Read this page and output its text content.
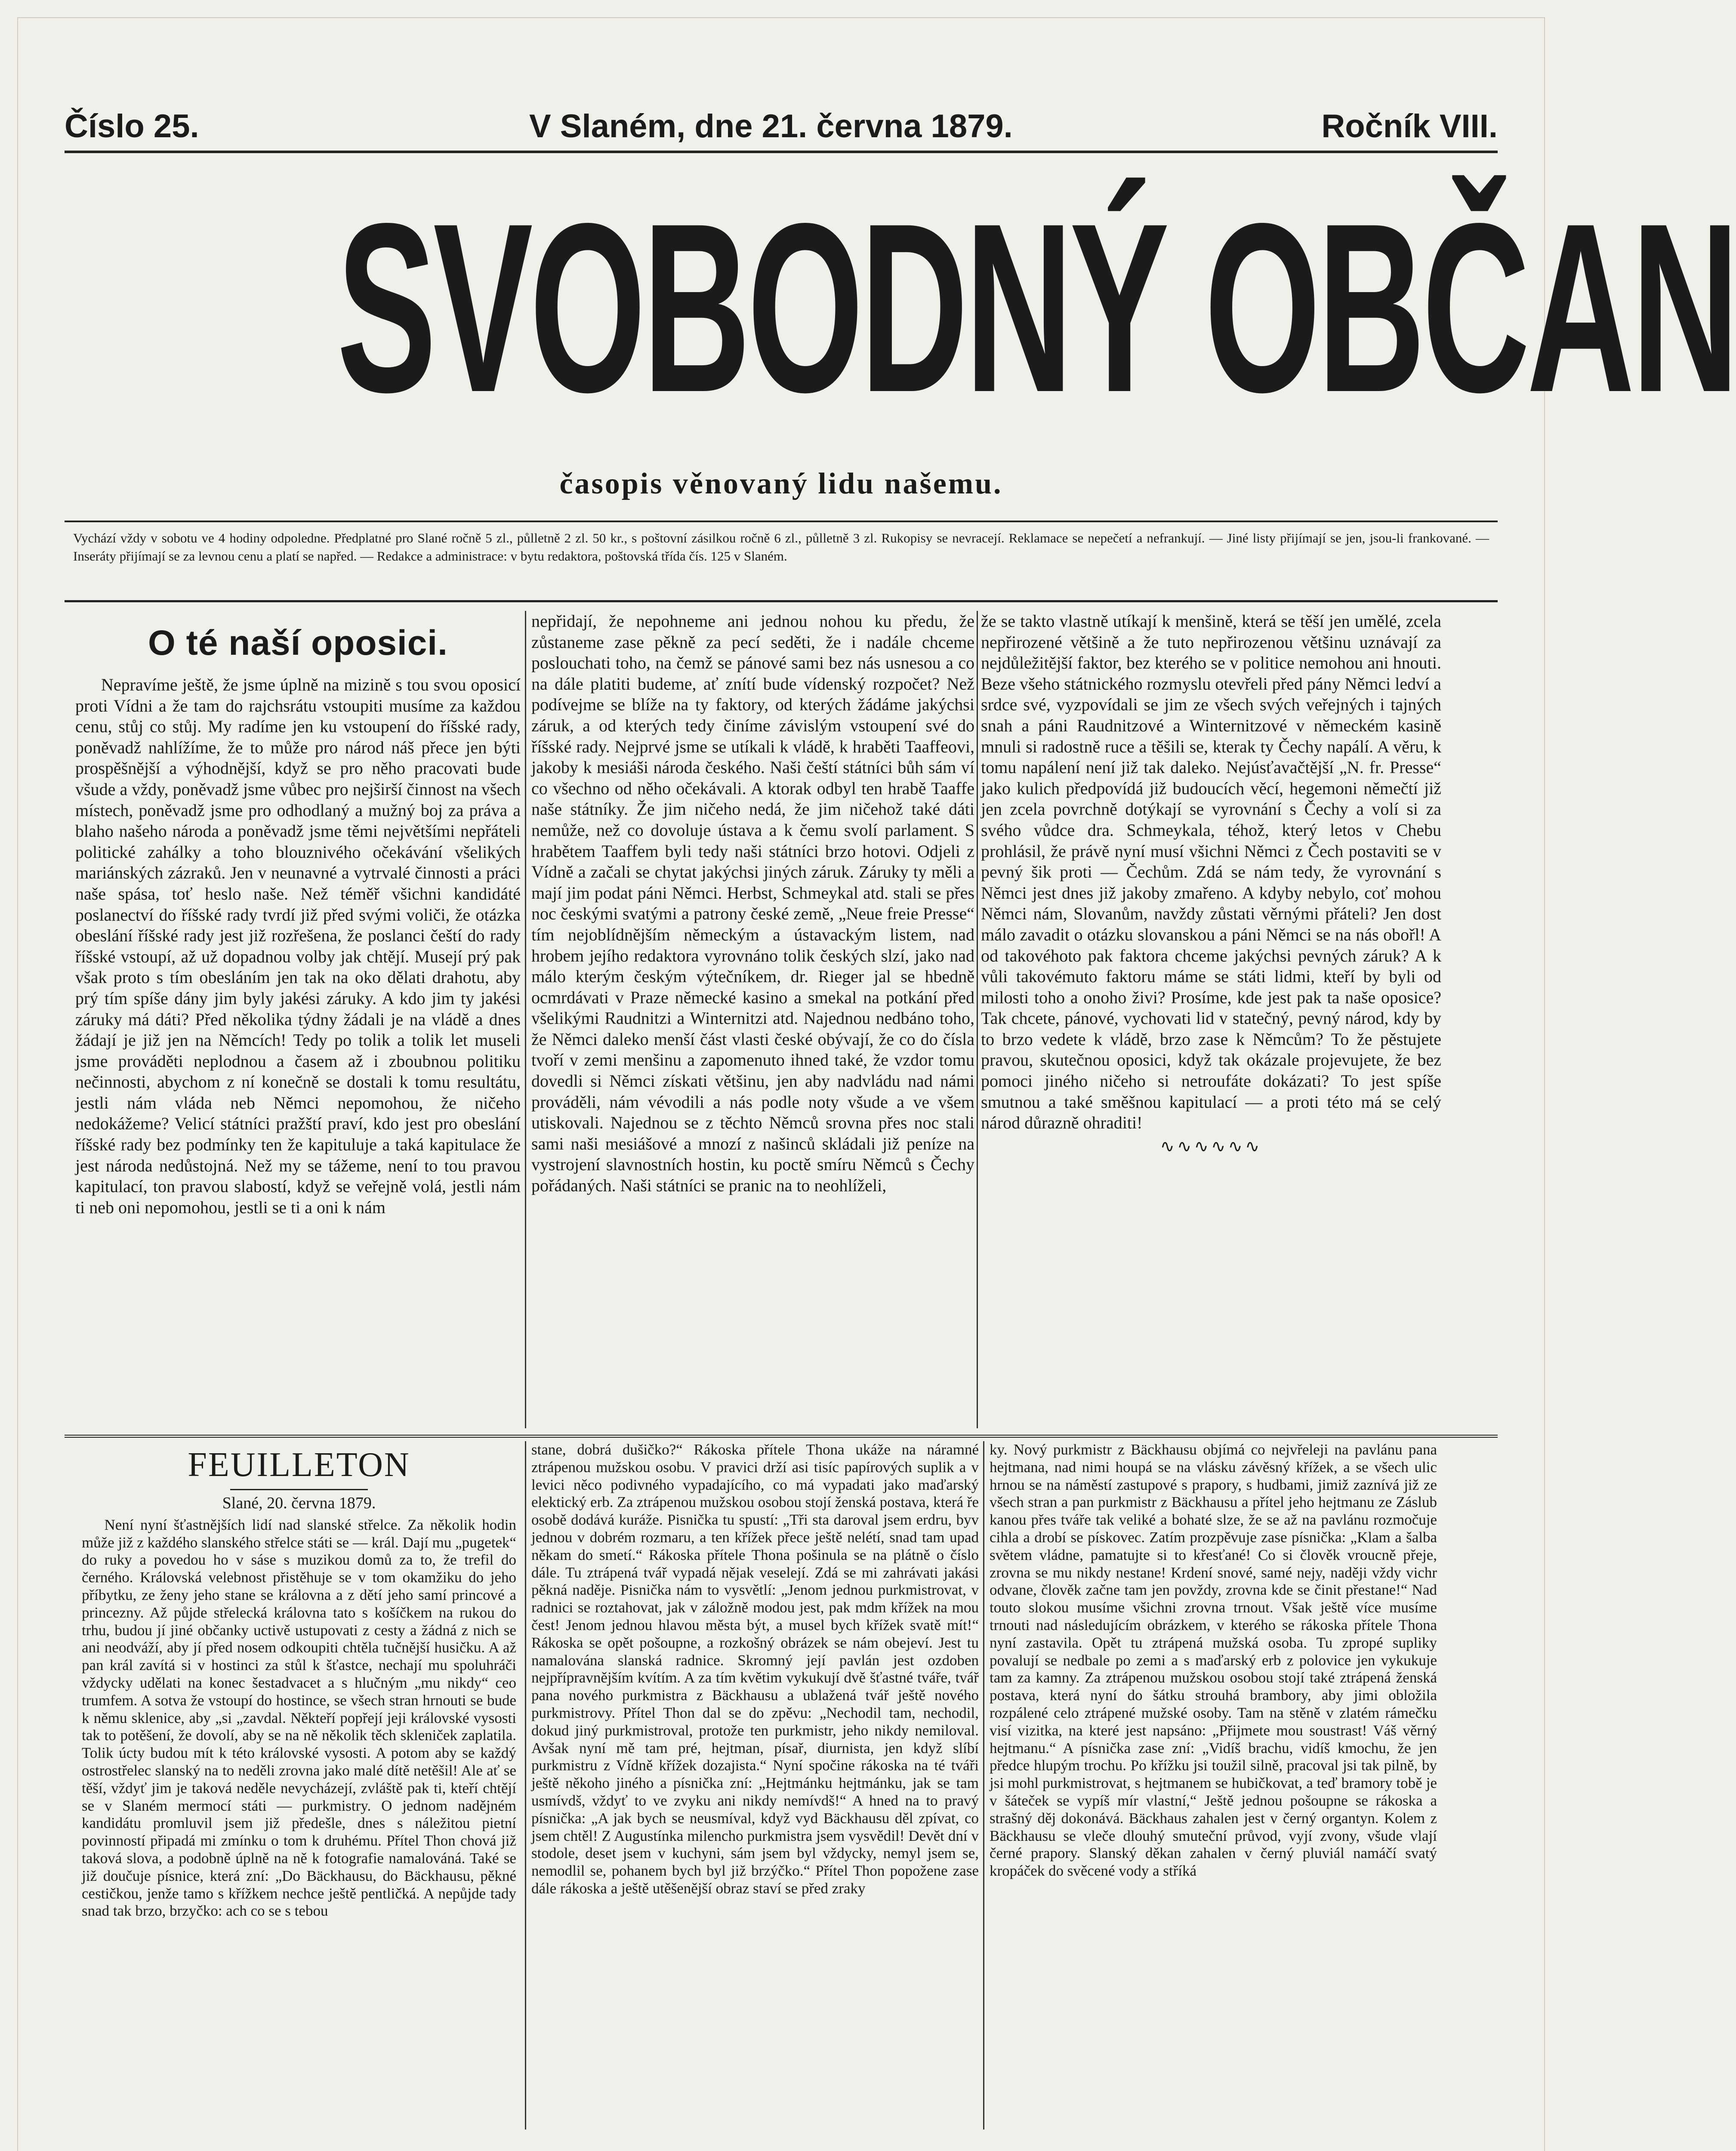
Číslo 25.	V Slaném, dne 21. června 1879.	Ročník VIII.
SVOBODNÝ OBČAN
časopis věnovaný lidu našemu.
Vychází vždy v sobotu ve 4 hodiny odpoledne. Předplatné pro Slané ročně 5 zl., půlletně 2 zl. 50 kr., s poštovní zásilkou ročně 6 zl., půlletně 3 zl. Rukopisy se nevracejí. Reklamace se nepečetí a nefrankují. — Jiné listy přijímají se jen, jsou-li frankované. — Inseráty přijímají se za levnou cenu a platí se napřed. — Redakce a administrace: v bytu redaktora, poštovská třída čís. 125 v Slaném.
O té naší oposici.

Nepravíme ještě, že jsme úplně na mizině s tou svou oposicí proti Vídni a že tam do rajchsrátu vstoupiti musíme za každou cenu, stůj co stůj. My radíme jen ku vstoupení do říšské rady, poněvadž nahlížíme, že to může pro národ náš přece jen býti prospěšnější a výhodnější, když se pro něho pracovati bude všude a vždy, poněvadž jsme vůbec pro nejširší činnost na všech místech, poněvadž jsme pro odhodlaný a mužný boj za práva a blaho našeho národa a poněvadž jsme těmi největšími nepřáteli politické zahálky a toho blouznivého očekávání všelikých mariánských zázraků. Jen v neunavné a vytrvalé činnosti a práci naše spása, toť heslo naše. Než téměř všichni kandidáté poslanectví do říšské rady tvrdí již před svými voliči, že otázka obeslání říšské rady jest již rozřešena, že poslanci čeští do rady říšské vstoupí, až už dopadnou volby jak chtějí. Musejí prý pak však proto s tím obesláním jen tak na oko dělati drahotu, aby prý tím spíše dány jim byly jakési záruky. A kdo jim ty jakési záruky má dáti? Před několika týdny žádali je na vládě a dnes žádají je již jen na Němcích! Tedy po tolik a tolik let museli jsme prováděti neplodnou a časem až i zboubnou politiku nečinnosti, abychom z ní konečně se dostali k tomu resultátu, jestli nám vláda neb Němci nepomohou, že ničeho nedokážeme? Velicí státníci pražští praví, kdo jest pro obeslání říšské rady bez podmínky ten že kapituluje a taká kapitulace že jest národa nedůstojná. Než my se tážeme, není to tou pravou kapitulací, ton pravou slabostí, když se veřejně volá, jestli nám ti neb oni nepomohou, jestli se ti a oni k nám

nepřidají, že nepohneme ani jednou nohou ku předu, že zůstaneme zase pěkně za pecí seděti, že i nadále chceme poslouchati toho, na čemž se pánové sami bez nás usnesou a co na dále platiti budeme, ať znítí bude vídenský rozpočet? Než podívejme se blíže na ty faktory, od kterých žádáme jakýchsi záruk, a od kterých tedy činíme závislým vstoupení své do říšské rady. Nejprvé jsme se utíkali k vládě, k hraběti Taaffeovi, jakoby k mesiáši národa českého. Naši čeští státníci bůh sám ví co všechno od něho očekávali. A ktorak odbyl ten hrabě Taaffe naše státníky. Že jim ničeho nedá, že jim ničehož také dáti nemůže, než co dovoluje ústava a k čemu svolí parlament. S hrabětem Taaffem byli tedy naši státníci brzo hotovi. Odjeli z Vídně a začali se chytat jakýchsi jiných záruk. Záruky ty měli a mají jim podat páni Němci. Herbst, Schmeykal atd. stali se přes noc českými svatými a patrony české země, „Neue freie Presse“ tím nejoblídnějším německým a ústavackým listem, nad hrobem jejího redaktora vyrovnáno tolik českých slzí, jako nad málo kterým českým výtečníkem, dr. Rieger jal se hbedně ocmrdávati v Praze německé kasino a smekal na potkání před všelikými Raudnitzi a Winternitzi atd. Najednou nedbáno toho, že Němci daleko menší část vlasti české obývají, že co do čísla tvoří v zemi menšinu a zapomenuto ihned také, že vzdor tomu dovedli si Němci získati většinu, jen aby nadvládu nad námi prováděli, nám vévodili a nás podle noty všude a ve všem utiskovali. Najednou se z těchto Němců srovna přes noc stali sami naši mesiášové a mnozí z našinců skládali již peníze na vystrojení slavnostních hostin, ku poctě smíru Němců s Čechy pořádaných. Naši státníci se pranic na to neohlíželi,

že se takto vlastně utíkají k menšině, která se těší jen umělé, zcela nepřirozené většině a že tuto nepřirozenou většinu uznávají za nejdůležitější faktor, bez kterého se v politice nemohou ani hnouti. Beze všeho státnického rozmyslu otevřeli před pány Němci ledví a srdce své, vyzpovídali se jim ze všech svých veřejných i tajných snah a páni Raudnitzové a Winternitzové v německém kasině mnuli si radostně ruce a těšili se, kterak ty Čechy napálí. A věru, k tomu napálení není již tak daleko. Nejúsťavačtější „N. fr. Presse“ jako kulich předpovídá již budoucích věcí, hegemoni němečtí již jen zcela povrchně dotýkají se vyrovnání s Čechy a volí si za svého vůdce dra. Schmeykala, téhož, který letos v Chebu prohlásil, že právě nyní musí všichni Němci z Čech postaviti se v pevný šik proti — Čechům. Zdá se nám tedy, že vyrovnání s Němci jest dnes již jakoby zmařeno. A kdyby nebylo, coť mohou Němci nám, Slovanům, navždy zůstati věrnými přáteli? Jen dost málo zavadit o otázku slovanskou a páni Němci se na nás obořl! A od takovéhoto pak faktora chceme jakýchsi pevných záruk? A k vůli takovémuto faktoru máme se státi lidmi, kteří by byli od milosti toho a onoho živi? Prosíme, kde jest pak ta naše oposice? Tak chcete, pánové, vychovati lid v statečný, pevný národ, kdy by to brzo vedete k vládě, brzo zase k Němcům? To že pěstujete pravou, skutečnou oposici, když tak okázale projevujete, že bez pomoci jiného ničeho si netroufáte dokázati? To jest spíše smutnou a také směšnou kapitulací — a proti této má se celý národ důrazně ohraditi!

∿∿∿∿∿∿
FEUILLETON
Slané, 20. června 1879.

Není nyní šťastnějších lidí nad slanské střelce. Za několik hodin může již z každého slanského střelce státi se — král. Dají mu „pugetek“ do ruky a povedou ho v sáse s muzikou domů za to, že trefil do černého. Královská velebnost přistěhuje se v tom okamžiku do jeho příbytku, ze ženy jeho stane se královna a z dětí jeho samí princové a princezny. Až půjde střelecká královna tato s košíčkem na rukou do trhu, budou jí jiné občanky uctivě ustupovati z cesty a žádná z nich se ani neodváží, aby jí před nosem odkoupiti chtěla tučnější husičku. A až pan král zavítá si v hostinci za stůl k šťastce, nechají mu spoluhráči vždycky udělati na konec šestadvacet a s hlučným „mu nikdy“ ceo trumfem. A sotva že vstoupí do hostince, se všech stran hrnouti se bude k němu sklenice, aby „si „zavdal. Někteří popřejí jeji královské vysosti tak to potěšení, že dovolí, aby se na ně několik těch skleniček zaplatila. Tolik úcty budou mít k této královské vysosti. A potom aby se každý ostrostřelec slanský na to neděli zrovna jako malé dítě netěšil! Ale ať se těší, vždyť jim je taková neděle nevycházejí, zvláště pak ti, kteří chtějí se v Slaném mermocí státi — purkmistry. O jednom nadějném kandidátu promluvil jsem již předešle, dnes s náležitou pietní povinností připadá mi zmínku o tom k druhému. Přítel Thon chová již taková slova, a podobně úplně na ně k fotografie namalováná. Také se již doučuje písnice, která zní: „Do Bäckhausu, do Bäckhausu, pěkné cestičkou, jenže tamo s křížkem nechce ještě pentličká. A nepůjde tady snad tak brzo, brzyčko: ach co se s tebou

stane, dobrá dušičko?“ Rákoska přítele Thona ukáže na náramné ztrápenou mužskou osobu. V pravici drží asi tisíc papírových suplik a v levici něco podivného vypadajícího, co má vypadati jako maďarský elektický erb. Za ztrápenou mužskou osobou stojí ženská postava, která ře osobě dodává kuráže. Pisnička tu spustí: „Tři sta daroval jsem erdru, byv jednou v dobrém rozmaru, a ten křížek přece ještě nelétí, snad tam upad někam do smetí.“ Rákoska přítele Thona pošinula se na plátně o číslo dále. Tu ztrápená tvář vypadá nějak veselejí. Zdá se mi zahrávati jakási pěkná naděje. Pisnička nám to vysvětlí: „Jenom jednou purkmistrovat, v radnici se roztahovat, jak v záložně modou jest, pak mdm křížek na mou čest! Jenom jednou hlavou města být, a musel bych křížek svatě mít!“ Rákoska se opět pošoupne, a rozkošný obrázek se nám obejeví. Jest tu namalována slanská radnice. Skromný její pavlán jest ozdoben nejpřípravnějším kvítím. A za tím květim vykukují dvě šťastné tváře, tvář pana nového purkmistra z Bäckhausu a ublažená tvář ještě nového purkmistrovy. Přítel Thon dal se do zpěvu: „Nechodil tam, nechodil, dokud jiný purkmistroval, protože ten purkmistr, jeho nikdy nemiloval. Avšak nyní mě tam pré, hejtman, písař, diurnista, jen když slíbí purkmistru z Vídně křížek dozajista.“ Nyní spočine rákoska na té tváři ještě někoho jiného a písnička zní: „Hejtmánku hejtmánku, jak se tam usmívdš, vždyť to ve zvyku ani nikdy nemívdš!“ A hned na to pravý písnička: „A jak bych se neusmíval, když vyd Bäckhausu děl zpívat, co jsem chtěl! Z Augustínka milencho purkmistra jsem vysvědil! Devět dní v stodole, deset jsem v kuchyni, sám jsem byl vždycky, nemyl jsem se, nemodlil se, pohanem bych byl již brzýčko.“ Přítel Thon popožene zase dále rákoska a ještě utěšenější obraz staví se před zraky

ky. Nový purkmistr z Bäckhausu objímá co nejvřeleji na pavlánu pana hejtmana, nad nimi houpá se na vlásku závěsný křížek, a se všech ulic hrnou se na náměstí zastupové s prapory, s hudbami, jimiž zaznívá již ze všech stran a pan purkmistr z Bäckhausu a přítel jeho hejtmanu ze Záslub kanou přes tváře tak veliké a bohaté slze, že se až na pavlánu rozmočuje cihla a drobí se pískovec. Zatím prozpěvuje zase písnička: „Klam a šalba světem vládne, pamatujte si to křesťané! Co si člověk vroucně přeje, zrovna se mu nikdy nestane! Krdení snové, samé nejy, naději vždy vichr odvane, člověk začne tam jen povždy, zrovna kde se činit přestane!“ Nad touto slokou musíme všichni zrovna trnout. Však ještě více musíme trnouti nad následujícím obrázkem, v kterého se rákoska přítele Thona nyní zastavila. Opět tu ztrápená mužská osoba. Tu zpropé supliky povalují se nedbale po zemi a s maďarský erb z polovice jen vykukuje tam za kamny. Za ztrápenou mužskou osobou stojí také ztrápená ženská postava, která nyní do šátku strouhá brambory, aby jimi obložila rozpálené celo ztrápené mužské osoby. Tam na stěně v zlatém rámečku visí vizitka, na které jest napsáno: „Přijmete mou soustrast! Váš věrný hejtmanu.“ A písnička zase zní: „Vidíš brachu, vidíš kmochu, že jen předce hlupým trochu. Po křížku jsi toužil silně, pracoval jsi tak pilně, by jsi mohl purkmistrovat, s hejtmanem se hubičkovat, a teď bramory tobě je v šáteček se vypíš mír vlastní,“ Ještě jednou pošoupne se rákoska a strašný děj dokonává. Bäckhaus zahalen jest v černý organtyn. Kolem z Bäckhausu se vleče dlouhý smuteční průvod, vyjí zvony, všude vlají černé prapory. Slanský děkan zahalen v černý pluviál namáčí svatý kropáček do svěcené vody a stříká
